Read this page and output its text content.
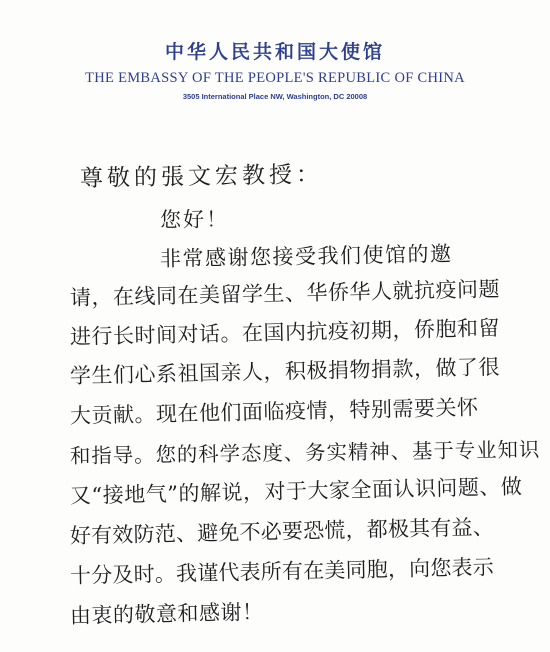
中华人民共和国大使馆
THE EMBASSY OF THE PEOPLE'S REPUBLIC OF CHINA
3505 International Place NW, Washington, DC 20008
尊敬的張文宏教授：
您好！
非常感谢您接受我们使馆的邀
请，在线同在美留学生、华侨华人就抗疫问题
进行长时间对话。在国内抗疫初期，侨胞和留
学生们心系祖国亲人，积极捐物捐款，做了很
大贡献。现在他们面临疫情，特别需要关怀
和指导。您的科学态度、务实精神、基于专业知识
又“接地气”的解说，对于大家全面认识问题、做
好有效防范、避免不必要恐慌，都极其有益、
十分及时。我谨代表所有在美同胞，向您表示
由衷的敬意和感谢！
